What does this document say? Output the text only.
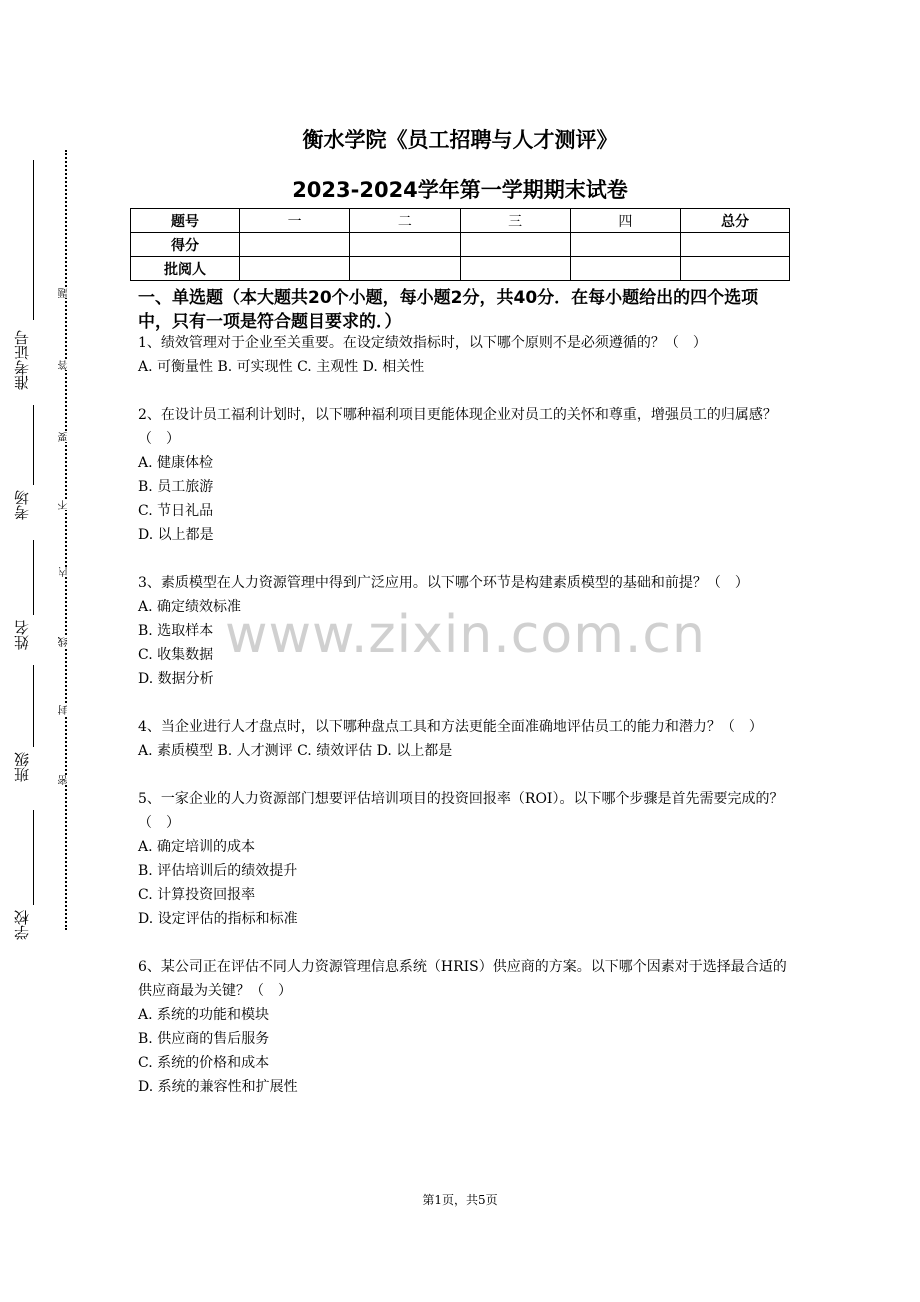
准考证号
考场
姓名
班级
学校
题
答
要
不
内
线
封
密
衡水学院《员工招聘与人才测评》
2023-2024学年第一学期期末试卷
题号	一	二	三	四	总分
得分					
批阅人					
一、单选题（本大题共20个小题，每小题2分，共40分．在每小题给出的四个选项中，只有一项是符合题目要求的．）

1、绩效管理对于企业至关重要。在设定绩效指标时，以下哪个原则不是必须遵循的？（　）

A. 可衡量性 B. 可实现性 C. 主观性 D. 相关性

2、在设计员工福利计划时，以下哪种福利项目更能体现企业对员工的关怀和尊重，增强员工的归属感？（　）

A. 健康体检

B. 员工旅游

C. 节日礼品

D. 以上都是

3、素质模型在人力资源管理中得到广泛应用。以下哪个环节是构建素质模型的基础和前提？（　）

A. 确定绩效标准

B. 选取样本

C. 收集数据

D. 数据分析

4、当企业进行人才盘点时，以下哪种盘点工具和方法更能全面准确地评估员工的能力和潜力？（　）

A. 素质模型 B. 人才测评 C. 绩效评估 D. 以上都是

5、一家企业的人力资源部门想要评估培训项目的投资回报率（ROI）。以下哪个步骤是首先需要完成的？（　）

A. 确定培训的成本

B. 评估培训后的绩效提升

C. 计算投资回报率

D. 设定评估的指标和标准

6、某公司正在评估不同人力资源管理信息系统（HRIS）供应商的方案。以下哪个因素对于选择最合适的供应商最为关键？（　）

A. 系统的功能和模块

B. 供应商的售后服务

C. 系统的价格和成本

D. 系统的兼容性和扩展性

www.zixin.com.cn
第1页，共5页
